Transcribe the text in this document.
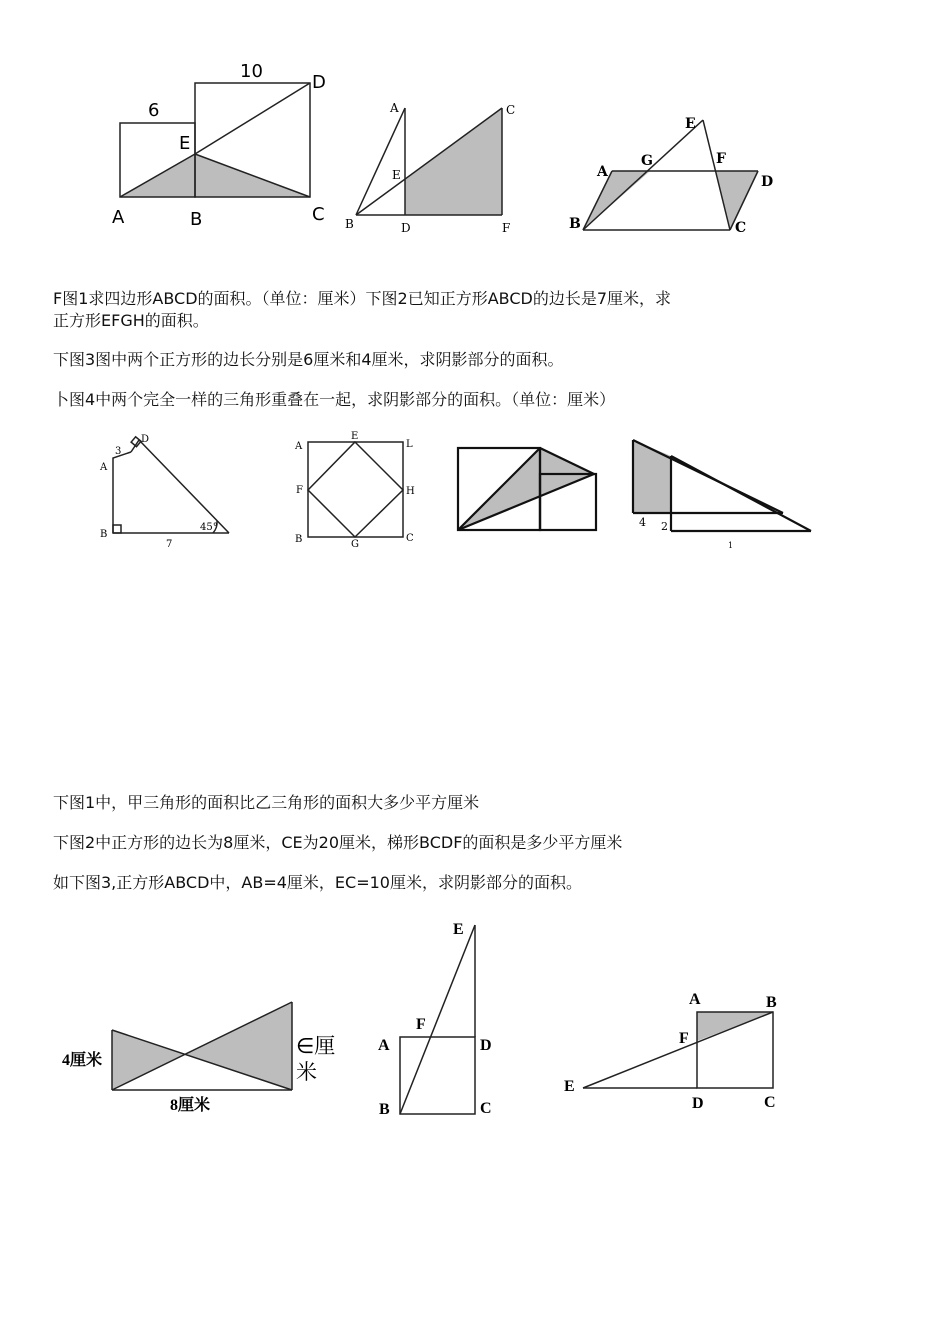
6
10
E
D
A	B	C
A	C
E
B	D	F
E
A
G	F
D
B	C

F图1求四边形ABCD的面积。（单位：厘米）下图2已知正方形ABCD的边长是7厘米，求

正方形EFGH的面积。

下图3图中两个正方形的边长分别是6厘米和4厘米，求阴影部分的面积。

卜图4中两个完全一样的三角形重叠在一起，求阴影部分的面积。（单位：厘米）

3
D
A
B
7
45°
A
E
L
F	H
B	G
C
4 2
1

下图1中，甲三角形的面积比乙三角形的面积大多少平方厘米

下图2中正方形的边长为8厘米，CE为20厘米，梯形BCDF的面积是多少平方厘米

如下图3,正方形ABCD中，AB=4厘米，EC=10厘米，求阴影部分的面积。

4厘米
8厘米
∈厘
米
E
F
A	D
B	C
A	B
F
E
D	C
